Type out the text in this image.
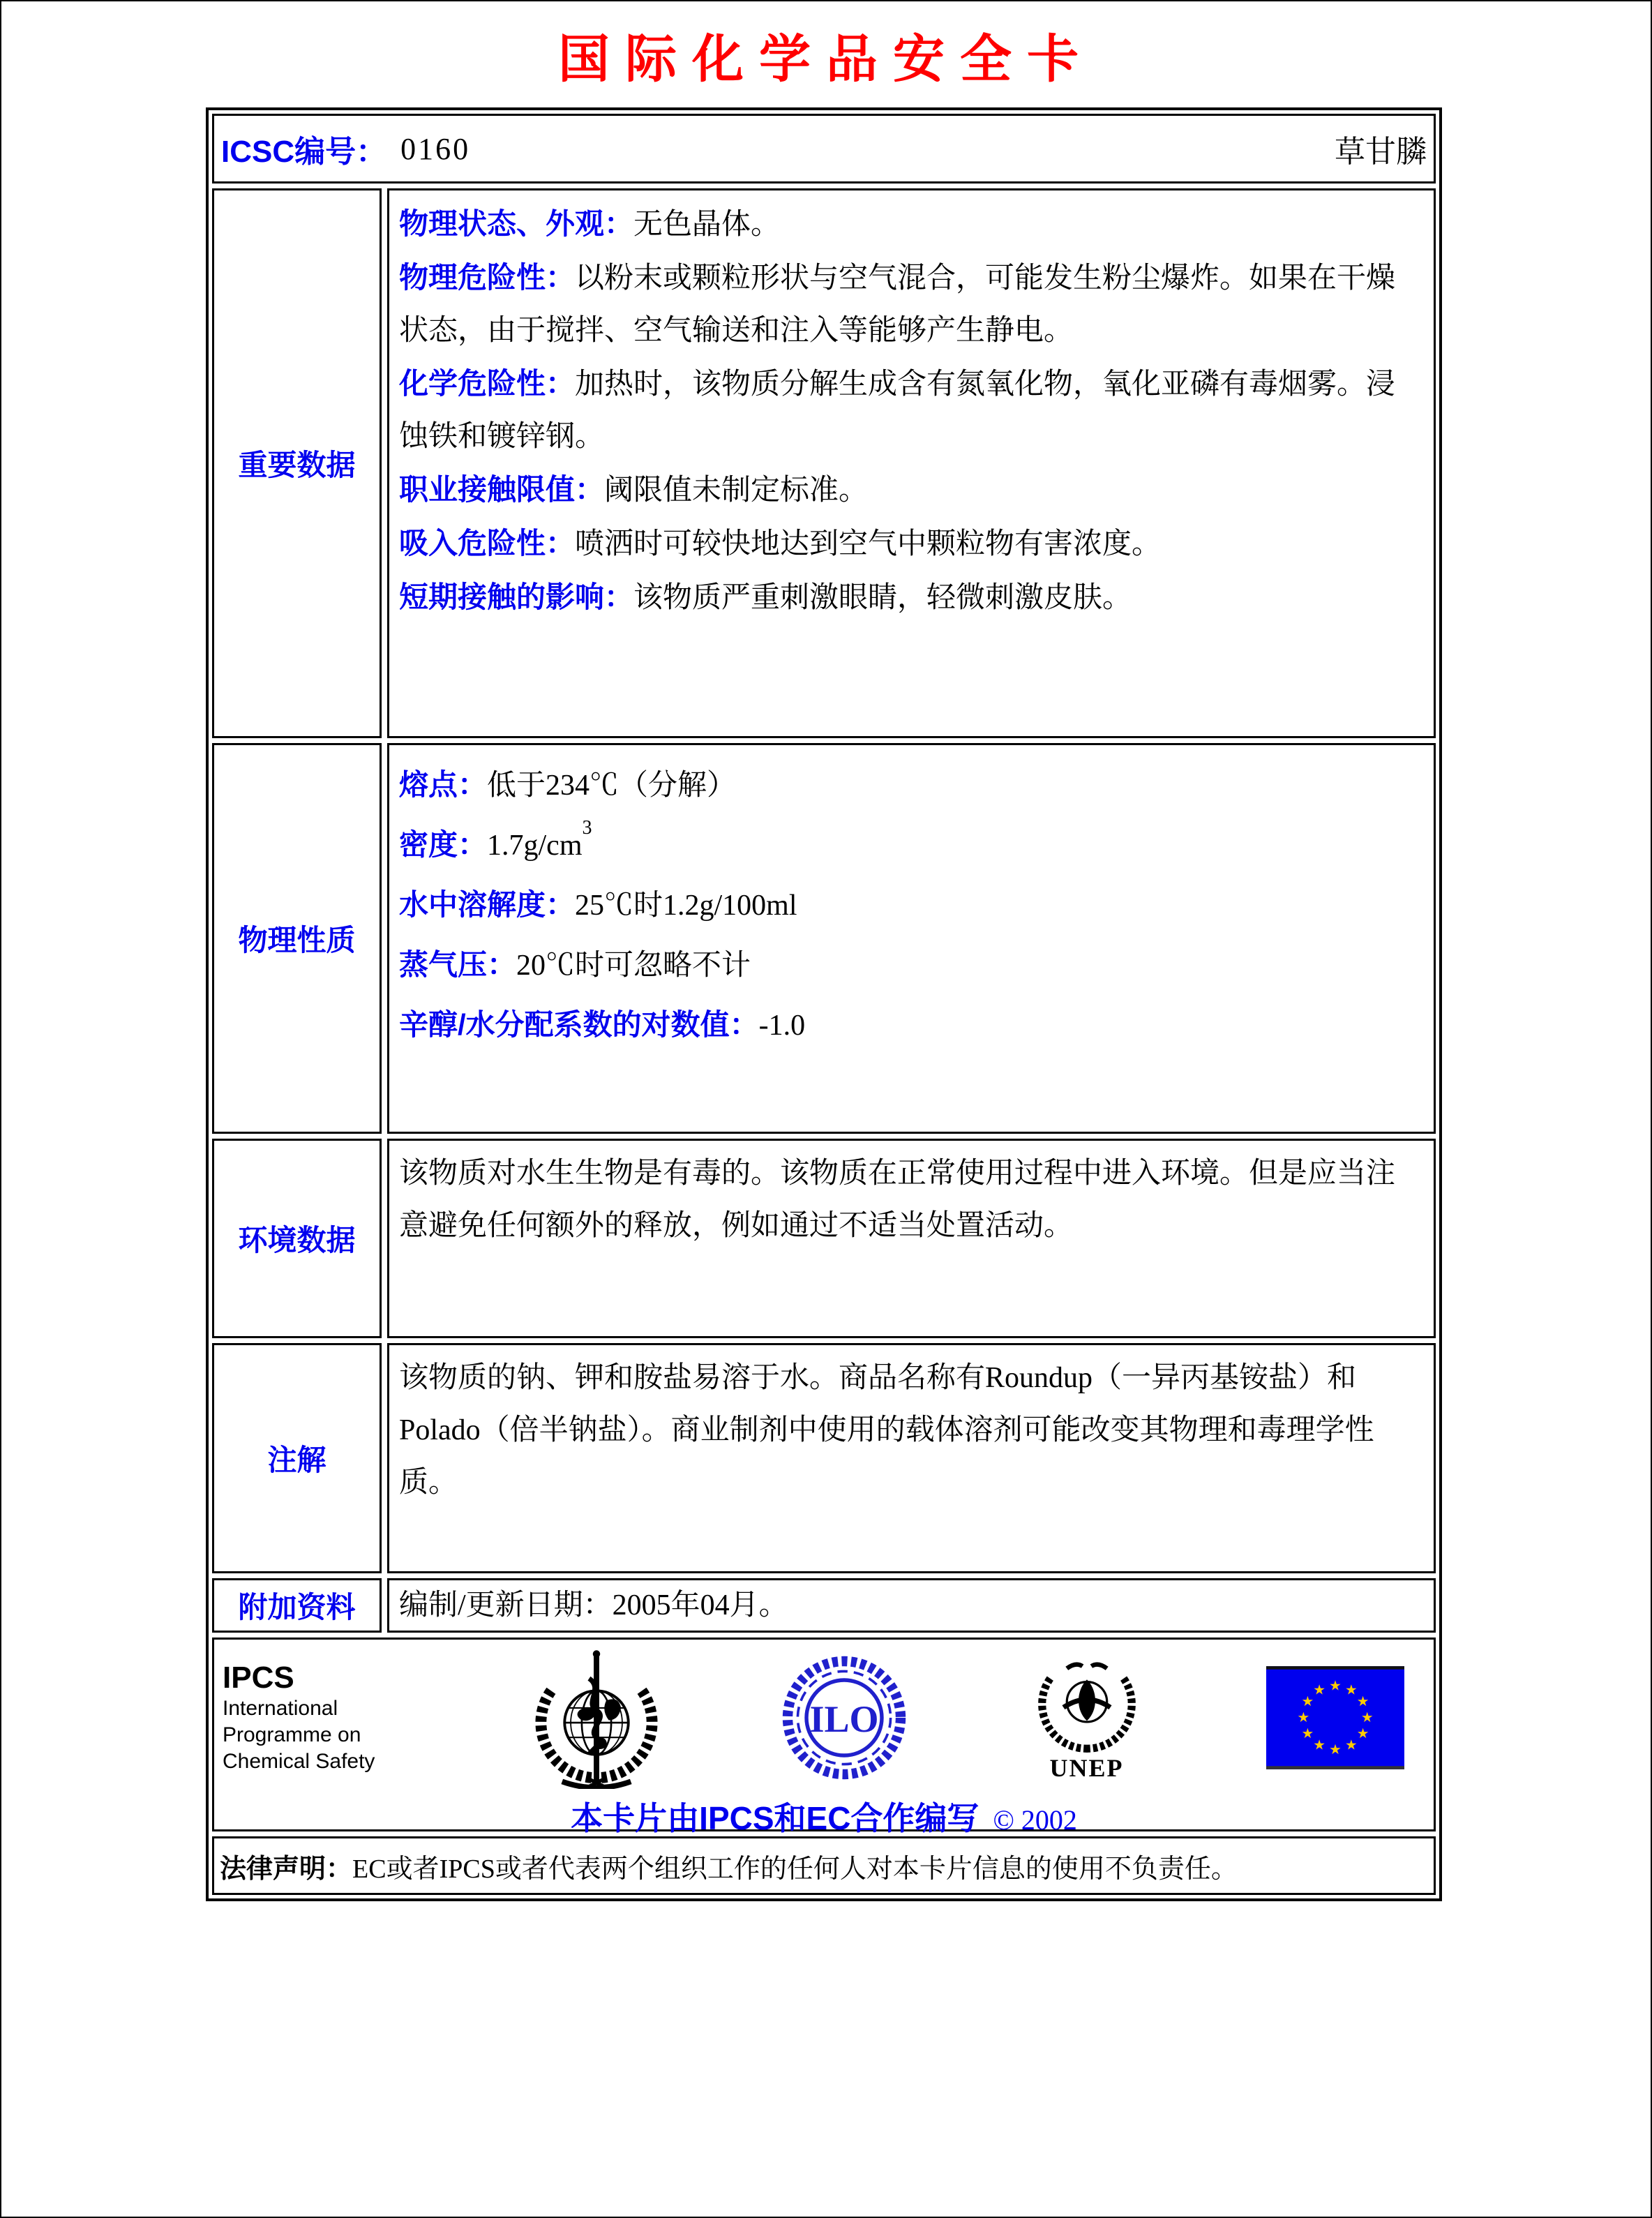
国际化学品安全卡
ICSC编号： 0160	草甘膦
重要数据

物理状态、外观：无色晶体。

物理危险性：以粉末或颗粒形状与空气混合，可能发生粉尘爆炸。如果在干燥状态，由于搅拌、空气输送和注入等能够产生静电。

化学危险性：加热时，该物质分解生成含有氮氧化物，氧化亚磷有毒烟雾。浸蚀铁和镀锌钢。

职业接触限值：阈限值未制定标准。

吸入危险性：喷洒时可较快地达到空气中颗粒物有害浓度。

短期接触的影响：该物质严重刺激眼睛，轻微刺激皮肤。

物理性质

熔点：低于234℃（分解）

密度：$1.7g/cm^3$

水中溶解度：25℃时1.2g/100ml

蒸气压：20℃时可忽略不计

辛醇/水分配系数的对数值：-1.0

环境数据

该物质对水生生物是有毒的。该物质在正常使用过程中进入环境。但是应当注意避免任何额外的释放，例如通过不适当处置活动。

注解

该物质的钠、钾和胺盐易溶于水。商品名称有Roundup（一异丙基铵盐）和 Polado（倍半钠盐）。商业制剂中使用的载体溶剂可能改变其物理和毒理学性质。

附加资料 编制/更新日期：2005年04月。

IPCS
International
Programme on
Chemical Safety
ILO
UNEP
★ ★
★
★
★
★
★
★
★
★
★
★
本卡片由IPCS和EC合作编写 © 2002
法律声明： EC或者IPCS或者代表两个组织工作的任何人对本卡片信息的使用不负责任。
